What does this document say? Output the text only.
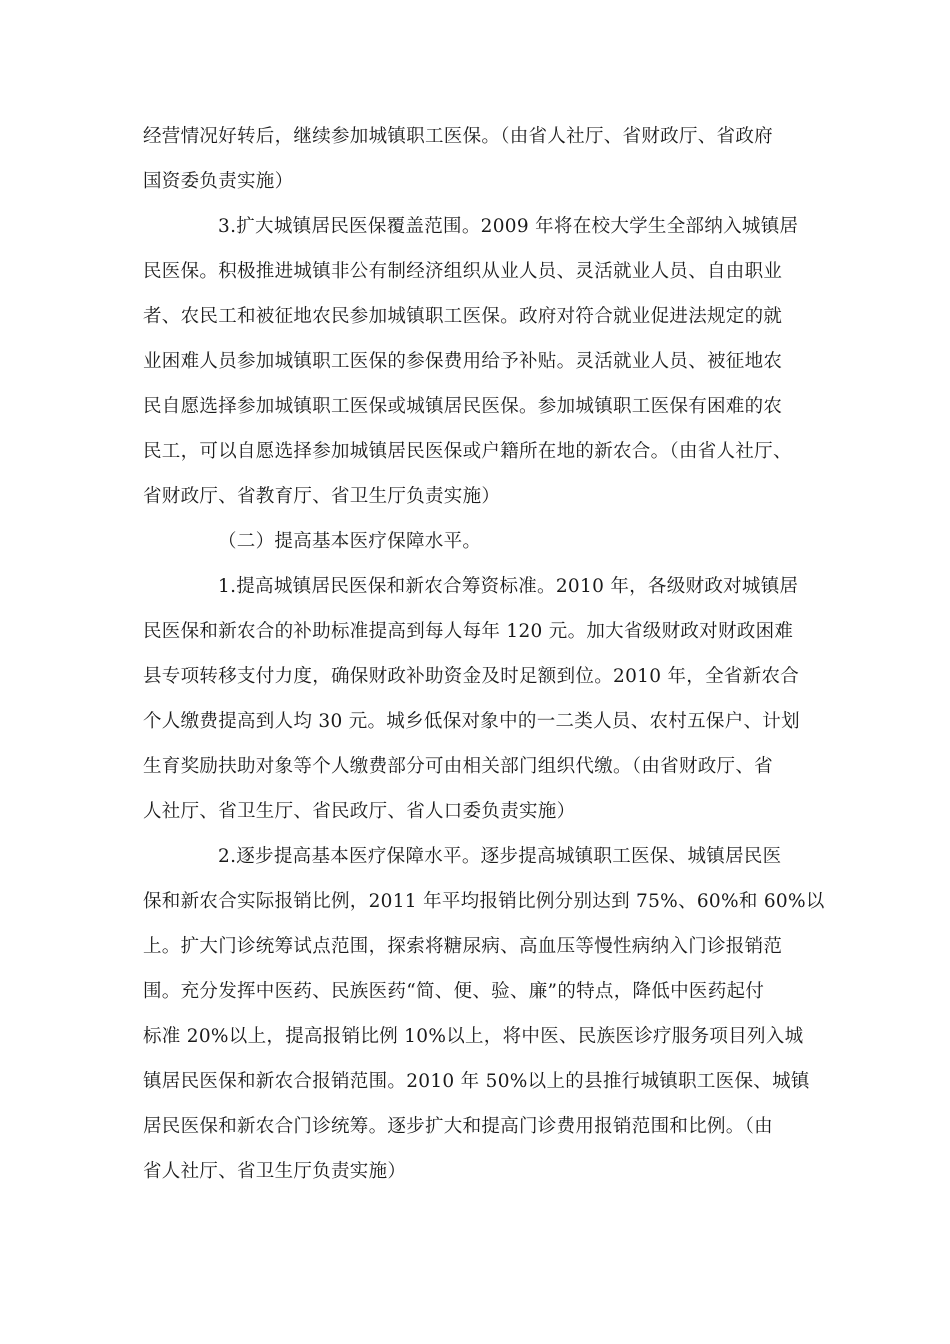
经营情况好转后，继续参加城镇职工医保。（由省人社厅、省财政厅、省政府
国资委负责实施）
3.扩大城镇居民医保覆盖范围。2009 年将在校大学生全部纳入城镇居
民医保。积极推进城镇非公有制经济组织从业人员、灵活就业人员、自由职业
者、农民工和被征地农民参加城镇职工医保。政府对符合就业促进法规定的就
业困难人员参加城镇职工医保的参保费用给予补贴。灵活就业人员、被征地农
民自愿选择参加城镇职工医保或城镇居民医保。参加城镇职工医保有困难的农
民工，可以自愿选择参加城镇居民医保或户籍所在地的新农合。（由省人社厅、
省财政厅、省教育厅、省卫生厅负责实施）
（二）提高基本医疗保障水平。
1.提高城镇居民医保和新农合筹资标准。2010 年，各级财政对城镇居
民医保和新农合的补助标准提高到每人每年 120 元。加大省级财政对财政困难
县专项转移支付力度，确保财政补助资金及时足额到位。2010 年，全省新农合
个人缴费提高到人均 30 元。城乡低保对象中的一二类人员、农村五保户、计划
生育奖励扶助对象等个人缴费部分可由相关部门组织代缴。（由省财政厅、省
人社厅、省卫生厅、省民政厅、省人口委负责实施）
2.逐步提高基本医疗保障水平。逐步提高城镇职工医保、城镇居民医
保和新农合实际报销比例，2011 年平均报销比例分别达到 75%、60%和 60%以
上。扩大门诊统筹试点范围，探索将糖尿病、高血压等慢性病纳入门诊报销范
围。充分发挥中医药、民族医药“简、便、验、廉”的特点，降低中医药起付
标准 20%以上，提高报销比例 10%以上，将中医、民族医诊疗服务项目列入城
镇居民医保和新农合报销范围。2010 年 50%以上的县推行城镇职工医保、城镇
居民医保和新农合门诊统筹。逐步扩大和提高门诊费用报销范围和比例。（由
省人社厅、省卫生厅负责实施）
